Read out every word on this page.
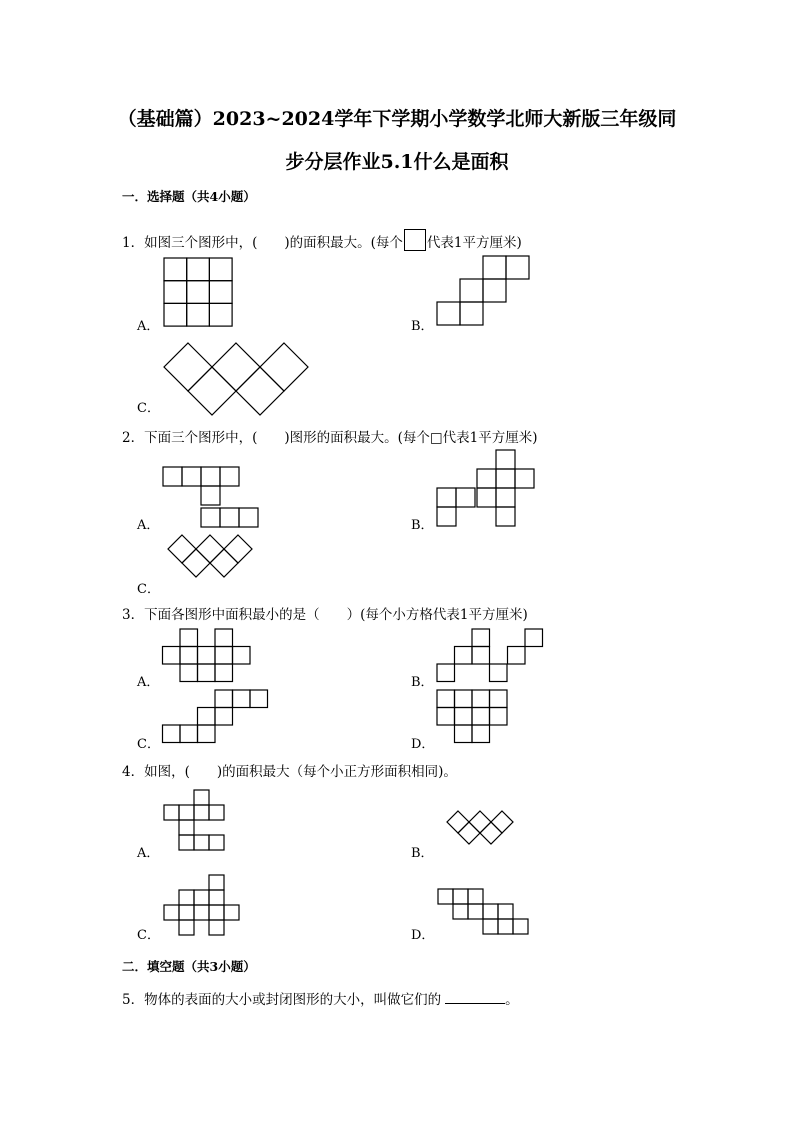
（基础篇）2023~2024学年下学期小学数学北师大新版三年级同
步分层作业5.1什么是面积
一．选择题（共4小题）
1．如图三个图形中，(　　)的面积最大。(每个 代表1平方厘米)
A．	B．
C．
2．下面三个图形中，(　　)图形的面积最大。(每个□代表1平方厘米)
A．	B．
C．
3．下面各图形中面积最小的是（　　）(每个小方格代表1平方厘米)
A．	B．
C．	D．
4．如图，(　　)的面积最大（每个小正方形面积相同)。
A．	B．
C．	D．
二．填空题（共3小题）
5．物体的表面的大小或封闭图形的大小，叫做它们的	。
